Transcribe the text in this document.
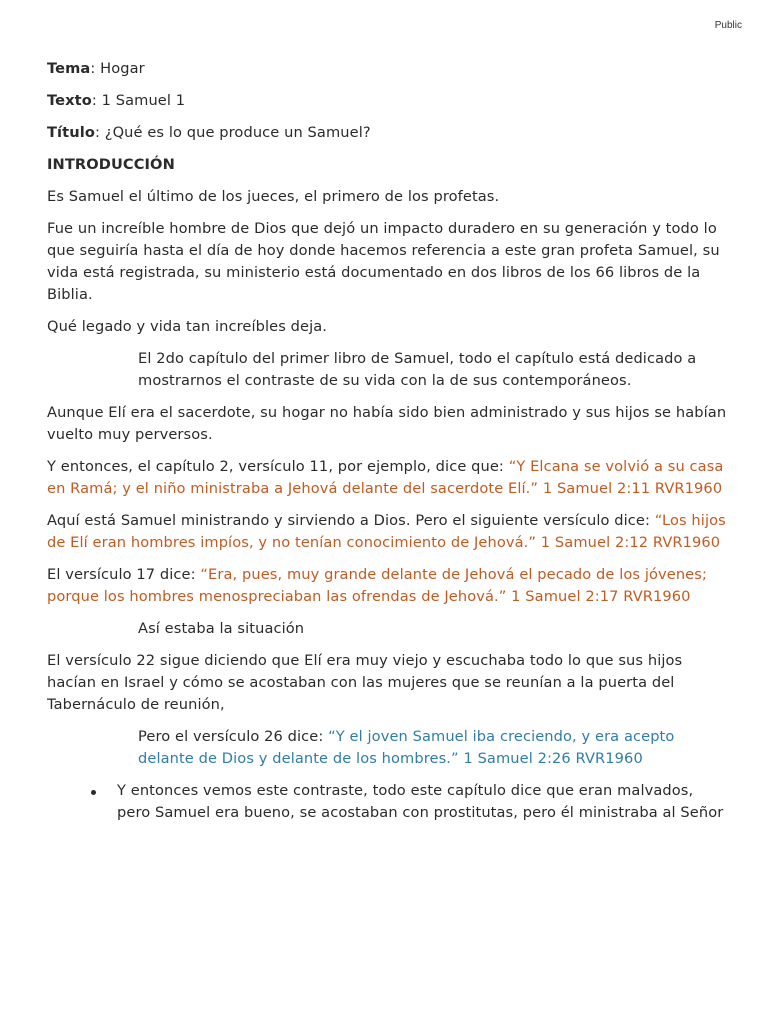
Public

Tema: Hogar

Texto: 1 Samuel 1

Título: ¿Qué es lo que produce un Samuel?

INTRODUCCIÓN

Es Samuel el último de los jueces, el primero de los profetas.

Fue un increíble hombre de Dios que dejó un impacto duradero en su generación y todo lo que seguiría hasta el día de hoy donde hacemos referencia a este gran profeta Samuel, su vida está registrada, su ministerio está documentado en dos libros de los 66 libros de la Biblia.

Qué legado y vida tan increíbles deja.

El 2do capítulo del primer libro de Samuel, todo el capítulo está dedicado a mostrarnos el contraste de su vida con la de sus contemporáneos.

Aunque Elí era el sacerdote, su hogar no había sido bien administrado y sus hijos se habían vuelto muy perversos.

Y entonces, el capítulo 2, versículo 11, por ejemplo, dice que: “Y Elcana se volvió a su casa en Ramá; y el niño ministraba a Jehová delante del sacerdote Elí.” 1 Samuel 2:11 RVR1960

Aquí está Samuel ministrando y sirviendo a Dios. Pero el siguiente versículo dice: “Los hijos de Elí eran hombres impíos, y no tenían conocimiento de Jehová.” 1 Samuel 2:12 RVR1960

El versículo 17 dice: “Era, pues, muy grande delante de Jehová el pecado de los jóvenes; porque los hombres menospreciaban las ofrendas de Jehová.” 1 Samuel 2:17 RVR1960

Así estaba la situación

El versículo 22 sigue diciendo que Elí era muy viejo y escuchaba todo lo que sus hijos hacían en Israel y cómo se acostaban con las mujeres que se reunían a la puerta del Tabernáculo de reunión,

Pero el versículo 26 dice: “Y el joven Samuel iba creciendo, y era acepto delante de Dios y delante de los hombres.” 1 Samuel 2:26 RVR1960

Y entonces vemos este contraste, todo este capítulo dice que eran malvados, pero Samuel era bueno, se acostaban con prostitutas, pero él ministraba al Señor
